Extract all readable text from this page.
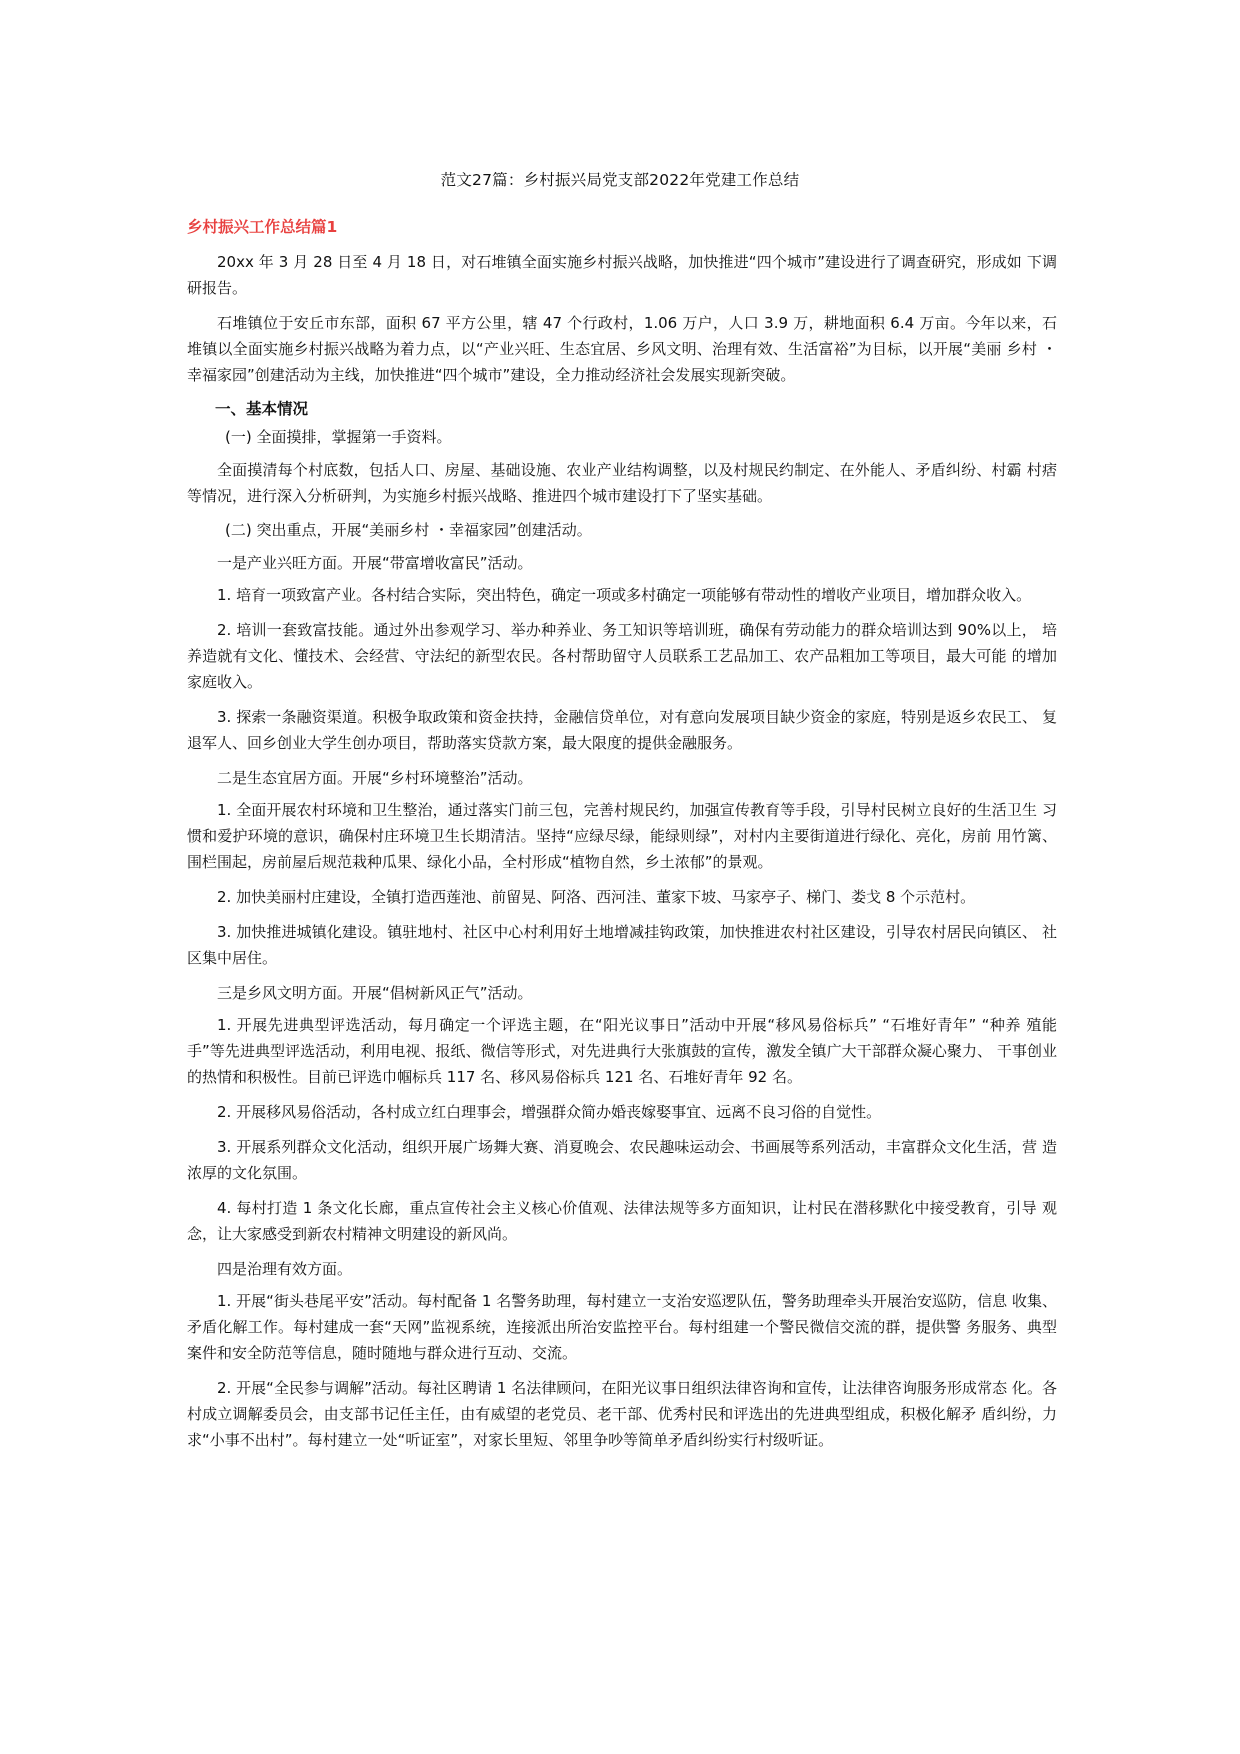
范文27篇：乡村振兴局党支部2022年党建工作总结
乡村振兴工作总结篇1

20xx 年 3 月 28 日至 4 月 18 日，对石堆镇全面实施乡村振兴战略，加快推进“四个城市”建设进行了调查研究，形成如 下调研报告。

石堆镇位于安丘市东部，面积 67 平方公里，辖 47 个行政村，1.06 万户，人口 3.9 万，耕地面积 6.4 万亩。今年以来，石 堆镇以全面实施乡村振兴战略为着力点，以“产业兴旺、生态宜居、乡风文明、治理有效、生活富裕”为目标，以开展“美丽 乡村 ・幸福家园”创建活动为主线，加快推进“四个城市”建设，全力推动经济社会发展实现新突破。

一、基本情况
(一) 全面摸排，掌握第一手资料。

全面摸清每个村底数，包括人口、房屋、基础设施、农业产业结构调整，以及村规民约制定、在外能人、矛盾纠纷、村霸 村痞等情况，进行深入分析研判，为实施乡村振兴战略、推进四个城市建设打下了坚实基础。

(二) 突出重点，开展“美丽乡村 ・幸福家园”创建活动。

一是产业兴旺方面。开展“带富增收富民”活动。

1. 培育一项致富产业。各村结合实际，突出特色，确定一项或多村确定一项能够有带动性的增收产业项目，增加群众收入。

2. 培训一套致富技能。通过外出参观学习、举办种养业、务工知识等培训班，确保有劳动能力的群众培训达到 90%以上， 培养造就有文化、懂技术、会经营、守法纪的新型农民。各村帮助留守人员联系工艺品加工、农产品粗加工等项目，最大可能 的增加家庭收入。

3. 探索一条融资渠道。积极争取政策和资金扶持，金融信贷单位，对有意向发展项目缺少资金的家庭，特别是返乡农民工、 复退军人、回乡创业大学生创办项目，帮助落实贷款方案，最大限度的提供金融服务。

二是生态宜居方面。开展“乡村环境整治”活动。

1. 全面开展农村环境和卫生整治，通过落实门前三包，完善村规民约，加强宣传教育等手段，引导村民树立良好的生活卫生 习惯和爱护环境的意识，确保村庄环境卫生长期清洁。坚持“应绿尽绿，能绿则绿”，对村内主要街道进行绿化、亮化，房前 用竹篱、围栏围起，房前屋后规范栽种瓜果、绿化小品，全村形成“植物自然，乡土浓郁”的景观。

2. 加快美丽村庄建设，全镇打造西莲池、前留晃、阿洛、西河洼、董家下坡、马家亭子、梯门、娄戈 8 个示范村。

3. 加快推进城镇化建设。镇驻地村、社区中心村利用好土地增减挂钩政策，加快推进农村社区建设，引导农村居民向镇区、 社区集中居住。

三是乡风文明方面。开展“倡树新风正气”活动。

1. 开展先进典型评选活动，每月确定一个评选主题，在“阳光议事日”活动中开展“移风易俗标兵” “石堆好青年” “种养 殖能手”等先进典型评选活动，利用电视、报纸、微信等形式，对先进典行大张旗鼓的宣传，激发全镇广大干部群众凝心聚力、 干事创业的热情和积极性。目前已评选巾帼标兵 117 名、移风易俗标兵 121 名、石堆好青年 92 名。

2. 开展移风易俗活动，各村成立红白理事会，增强群众简办婚丧嫁娶事宜、远离不良习俗的自觉性。

3. 开展系列群众文化活动，组织开展广场舞大赛、消夏晚会、农民趣味运动会、书画展等系列活动，丰富群众文化生活，营 造浓厚的文化氛围。

4. 每村打造 1 条文化长廊，重点宣传社会主义核心价值观、法律法规等多方面知识，让村民在潜移默化中接受教育，引导 观念，让大家感受到新农村精神文明建设的新风尚。

四是治理有效方面。

1. 开展“街头巷尾平安”活动。每村配备 1 名警务助理，每村建立一支治安巡逻队伍，警务助理牵头开展治安巡防，信息 收集、矛盾化解工作。每村建成一套“天网”监视系统，连接派出所治安监控平台。每村组建一个警民微信交流的群，提供警 务服务、典型案件和安全防范等信息，随时随地与群众进行互动、交流。

2. 开展“全民参与调解”活动。每社区聘请 1 名法律顾问，在阳光议事日组织法律咨询和宣传，让法律咨询服务形成常态 化。各村成立调解委员会，由支部书记任主任，由有威望的老党员、老干部、优秀村民和评选出的先进典型组成，积极化解矛 盾纠纷，力求“小事不出村”。每村建立一处“听证室”，对家长里短、邻里争吵等简单矛盾纠纷实行村级听证。
